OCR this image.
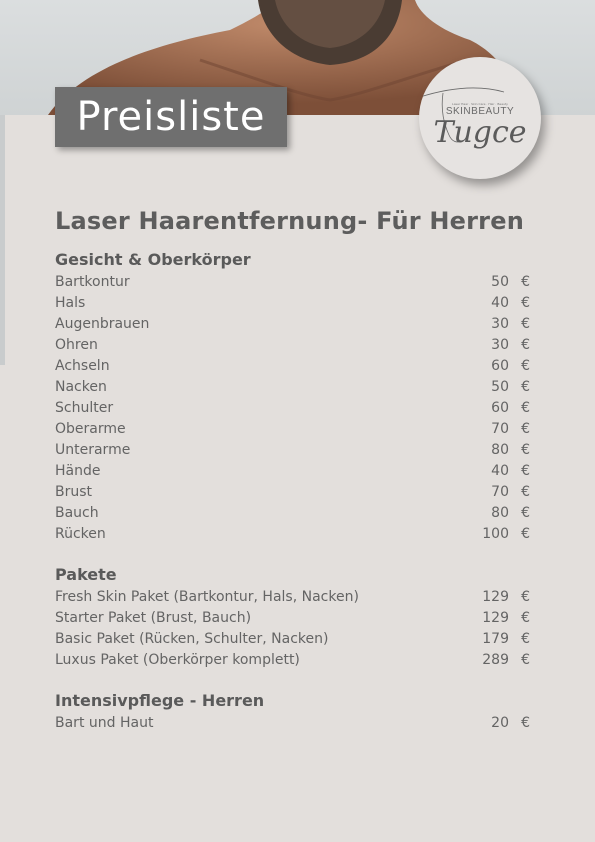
Preisliste	Laser Haar · Skin Care · Hair · Beauty
SKINBEAUTY
Tugce
Laser Haarentfernung- Für Herren
Gesicht & Oberkörper
Bartkontur	50 €
Hals	40 €
Augenbrauen	30 €
Ohren	30 €
Achseln	60 €
Nacken	50 €
Schulter	60 €
Oberarme	70 €
Unterarme	80 €
Hände	40 €
Brust	70 €
Bauch	80 €
Rücken	100 €
Pakete
Fresh Skin Paket (Bartkontur, Hals, Nacken)	129 €
Starter Paket (Brust, Bauch)	129 €
Basic Paket (Rücken, Schulter, Nacken)	179 €
Luxus Paket (Oberkörper komplett)	289 €
Intensivpflege - Herren
Bart und Haut	20 €
